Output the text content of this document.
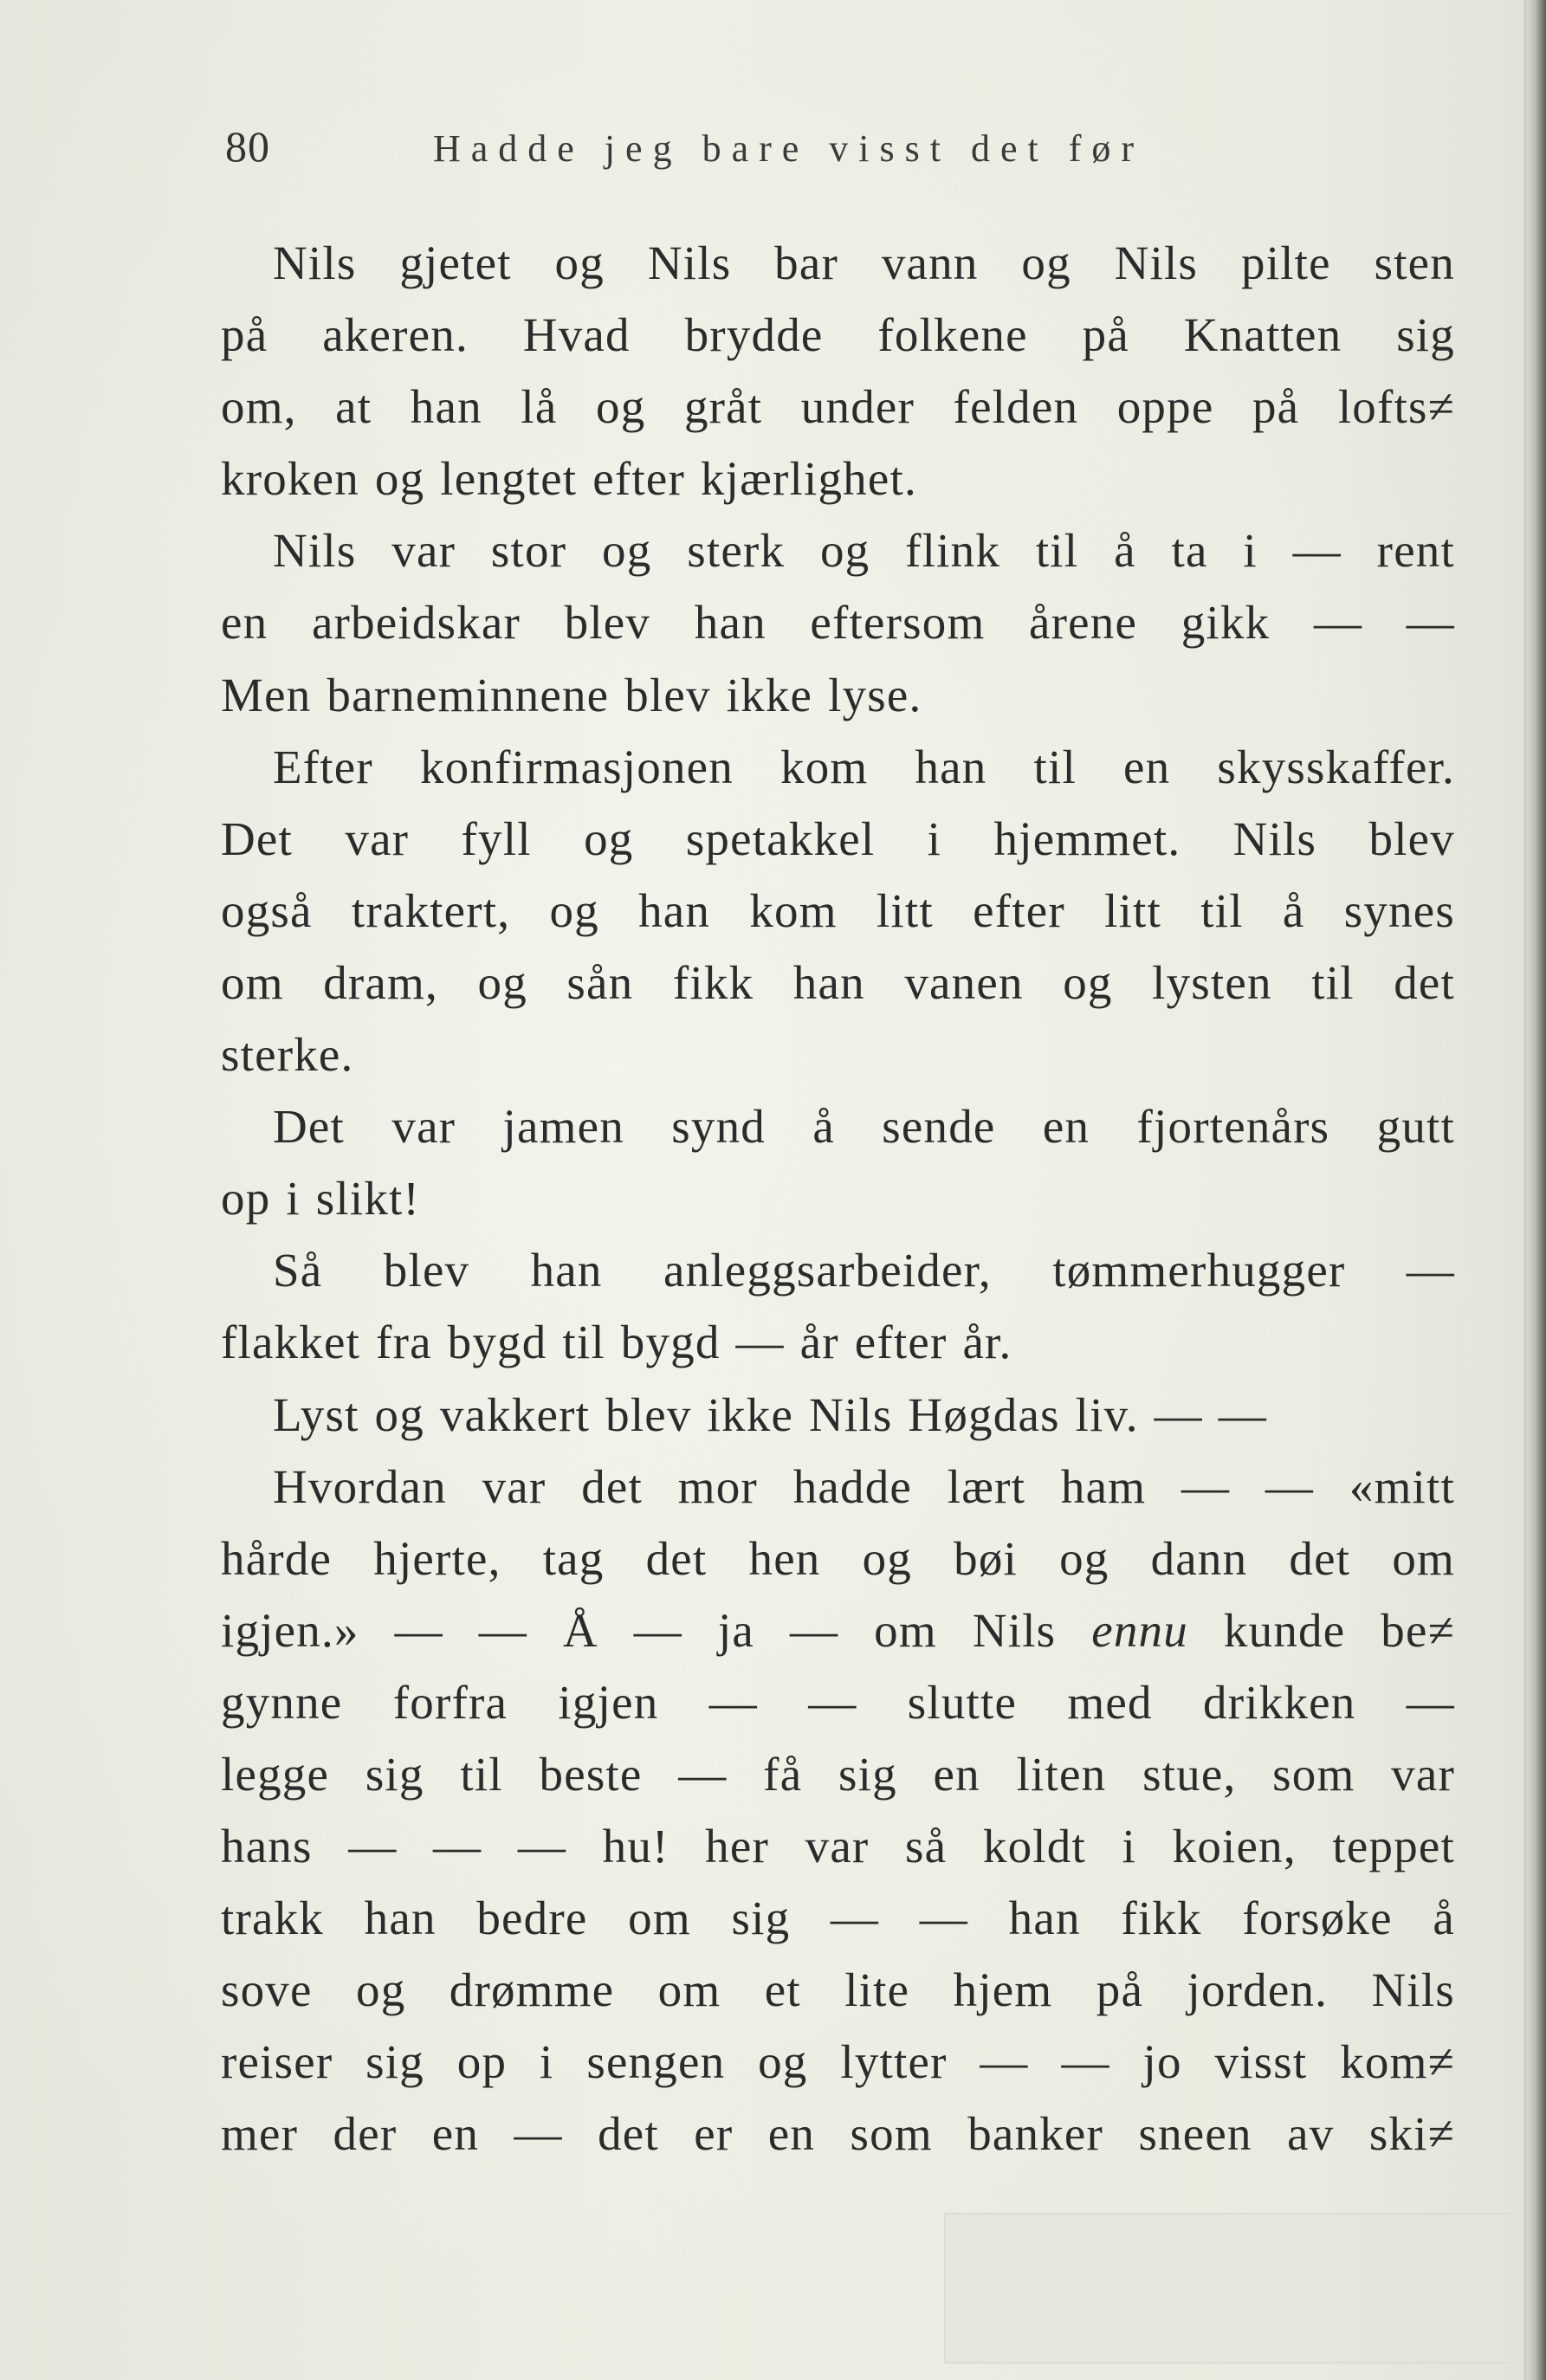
80	Hadde jeg bare visst det før

Nils gjetet og Nils bar vann og Nils pilte sten
på akeren. Hvad brydde folkene på Knatten sig
om, at han lå og gråt under felden oppe på lofts≠
kroken og lengtet efter kjærlighet.

Nils var stor og sterk og flink til å ta i — rent
en arbeidskar blev han eftersom årene gikk — —
Men barneminnene blev ikke lyse.

Efter konfirmasjonen kom han til en skysskaffer.
Det var fyll og spetakkel i hjemmet. Nils blev
også traktert, og han kom litt efter litt til å synes
om dram, og sån fikk han vanen og lysten til det
sterke.

Det var jamen synd å sende en fjortenårs gutt
op i slikt!

Så blev han anleggsarbeider, tømmerhugger —
flakket fra bygd til bygd — år efter år.

Lyst og vakkert blev ikke Nils Høgdas liv. — —

Hvordan var det mor hadde lært ham — — «mitt
hårde hjerte, tag det hen og bøi og dann det om
igjen.» — — Å — ja — om Nils ennu kunde be≠
gynne forfra igjen — — slutte med drikken —
legge sig til beste — få sig en liten stue, som var
hans — — — hu! her var så koldt i koien, teppet
trakk han bedre om sig — — han fikk forsøke å
sove og drømme om et lite hjem på jorden. Nils
reiser sig op i sengen og lytter — — jo visst kom≠
mer der en — det er en som banker sneen av ski≠
